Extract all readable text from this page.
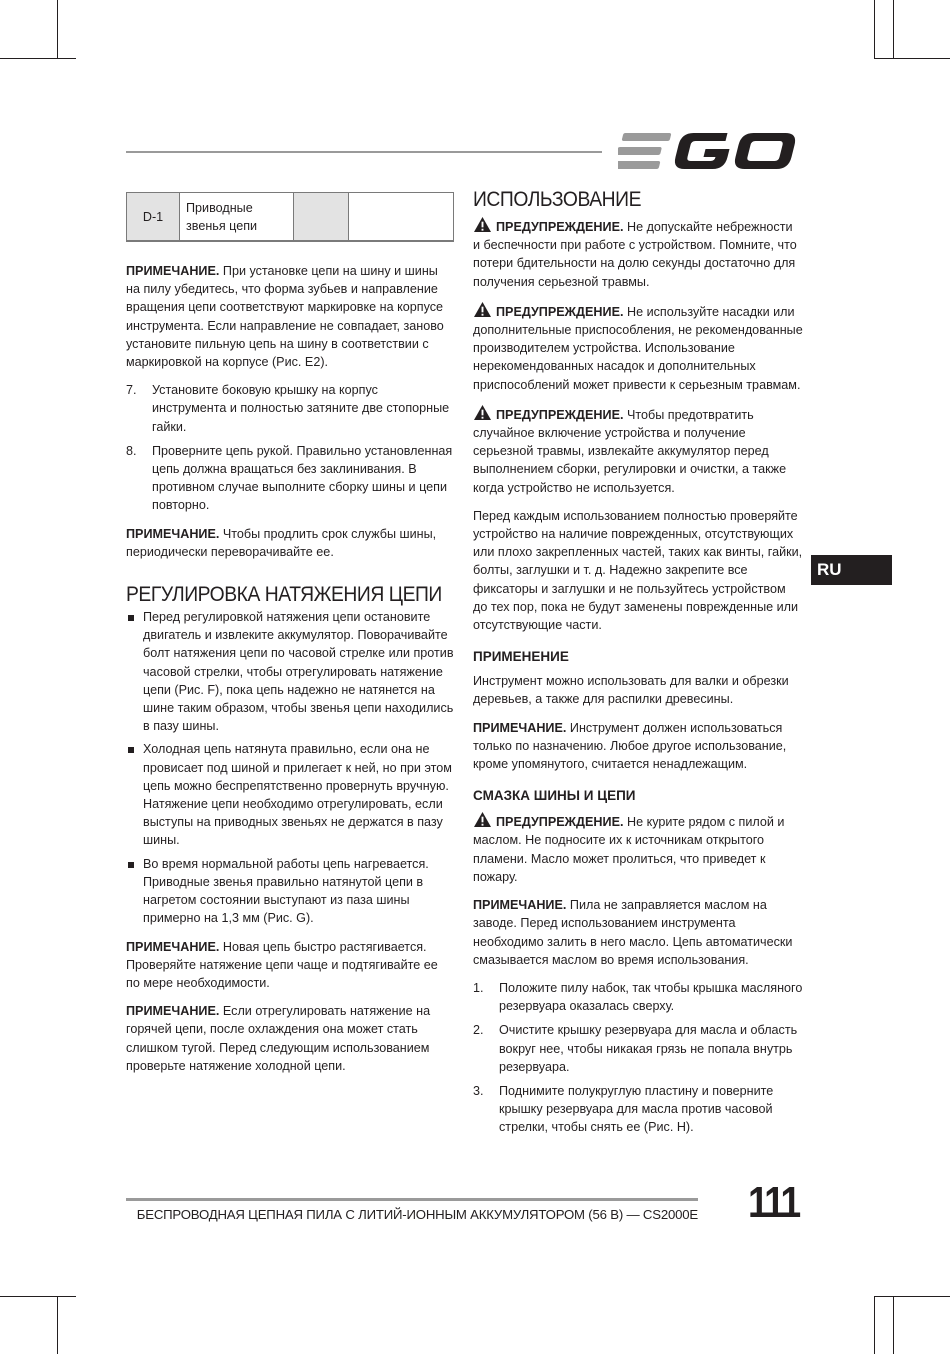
RU
D-1	Приводные звенья цепи		

ПРИМЕЧАНИЕ. При установке цепи на шину и шины на пилу убедитесь, что форма зубьев и направление вращения цепи соответствуют маркировке на корпусе инструмента. Если направление не совпадает, заново установите пильную цепь на шину в соответствии с маркировкой на корпусе (Рис. E2).

7. Установите боковую крышку на корпус инструмента и полностью затяните две стопорные гайки.
8. Проверните цепь рукой. Правильно установленная цепь должна вращаться без заклинивания. В противном случае выполните сборку шины и цепи повторно.

ПРИМЕЧАНИЕ. Чтобы продлить срок службы шины, периодически переворачивайте ее.

РЕГУЛИРОВКА НАТЯЖЕНИЯ ЦЕПИ
Перед регулировкой натяжения цепи остановите двигатель и извлеките аккумулятор. Поворачивайте болт натяжения цепи по часовой стрелке или против часовой стрелки, чтобы отрегулировать натяжение цепи (Рис. F), пока цепь надежно не натянется на шине таким образом, чтобы звенья цепи находились в пазу шины.
Холодная цепь натянута правильно, если она не провисает под шиной и прилегает к ней, но при этом цепь можно беспрепятственно провернуть вручную. Натяжение цепи необходимо отрегулировать, если выступы на приводных звеньях не держатся в пазу шины.
Во время нормальной работы цепь нагревается. Приводные звенья правильно натянутой цепи в нагретом состоянии выступают из паза шины примерно на 1,3 мм (Рис. G).

ПРИМЕЧАНИЕ. Новая цепь быстро растягивается. Проверяйте натяжение цепи чаще и подтягивайте ее по мере необходимости.

ПРИМЕЧАНИЕ. Если отрегулировать натяжение на горячей цепи, после охлаждения она может стать слишком тугой. Перед следующим использованием проверьте натяжение холодной цепи.

ИСПОЛЬЗОВАНИЕ

ПРЕДУПРЕЖДЕНИЕ. Не допускайте небрежности и беспечности при работе с устройством. Помните, что потери бдительности на долю секунды достаточно для получения серьезной травмы.

ПРЕДУПРЕЖДЕНИЕ. Не используйте насадки или дополнительные приспособления, не рекомендованные производителем устройства. Использование нерекомендованных насадок и дополнительных приспособлений может привести к серьезным травмам.

ПРЕДУПРЕЖДЕНИЕ. Чтобы предотвратить случайное включение устройства и получение серьезной травмы, извлекайте аккумулятор перед выполнением сборки, регулировки и очистки, а также когда устройство не используется.

Перед каждым использованием полностью проверяйте устройство на наличие поврежденных, отсутствующих или плохо закрепленных частей, таких как винты, гайки, болты, заглушки и т. д. Надежно закрепите все фиксаторы и заглушки и не пользуйтесь устройством до тех пор, пока не будут заменены поврежденные или отсутствующие части.

ПРИМЕНЕНИЕ

Инструмент можно использовать для валки и обрезки деревьев, а также для распилки древесины.

ПРИМЕЧАНИЕ. Инструмент должен использоваться только по назначению. Любое другое использование, кроме упомянутого, считается ненадлежащим.

СМАЗКА ШИНЫ И ЦЕПИ

ПРЕДУПРЕЖДЕНИЕ. Не курите рядом с пилой и маслом. Не подносите их к источникам открытого пламени. Масло может пролиться, что приведет к пожару.

ПРИМЕЧАНИЕ. Пила не заправляется маслом на заводе. Перед использованием инструмента необходимо залить в него масло. Цепь автоматически смазывается маслом во время использования.

1. Положите пилу набок, так чтобы крышка масляного резервуара оказалась сверху.
2. Очистите крышку резервуара для масла и область вокруг нее, чтобы никакая грязь не попала внутрь резервуара.
3. Поднимите полукруглую пластину и поверните крышку резервуара для масла против часовой стрелки, чтобы снять ее (Рис. H).
БЕСПРОВОДНАЯ ЦЕПНАЯ ПИЛА С ЛИТИЙ-ИОННЫМ АККУМУЛЯТОРОМ (56 В) — CS2000E 111
